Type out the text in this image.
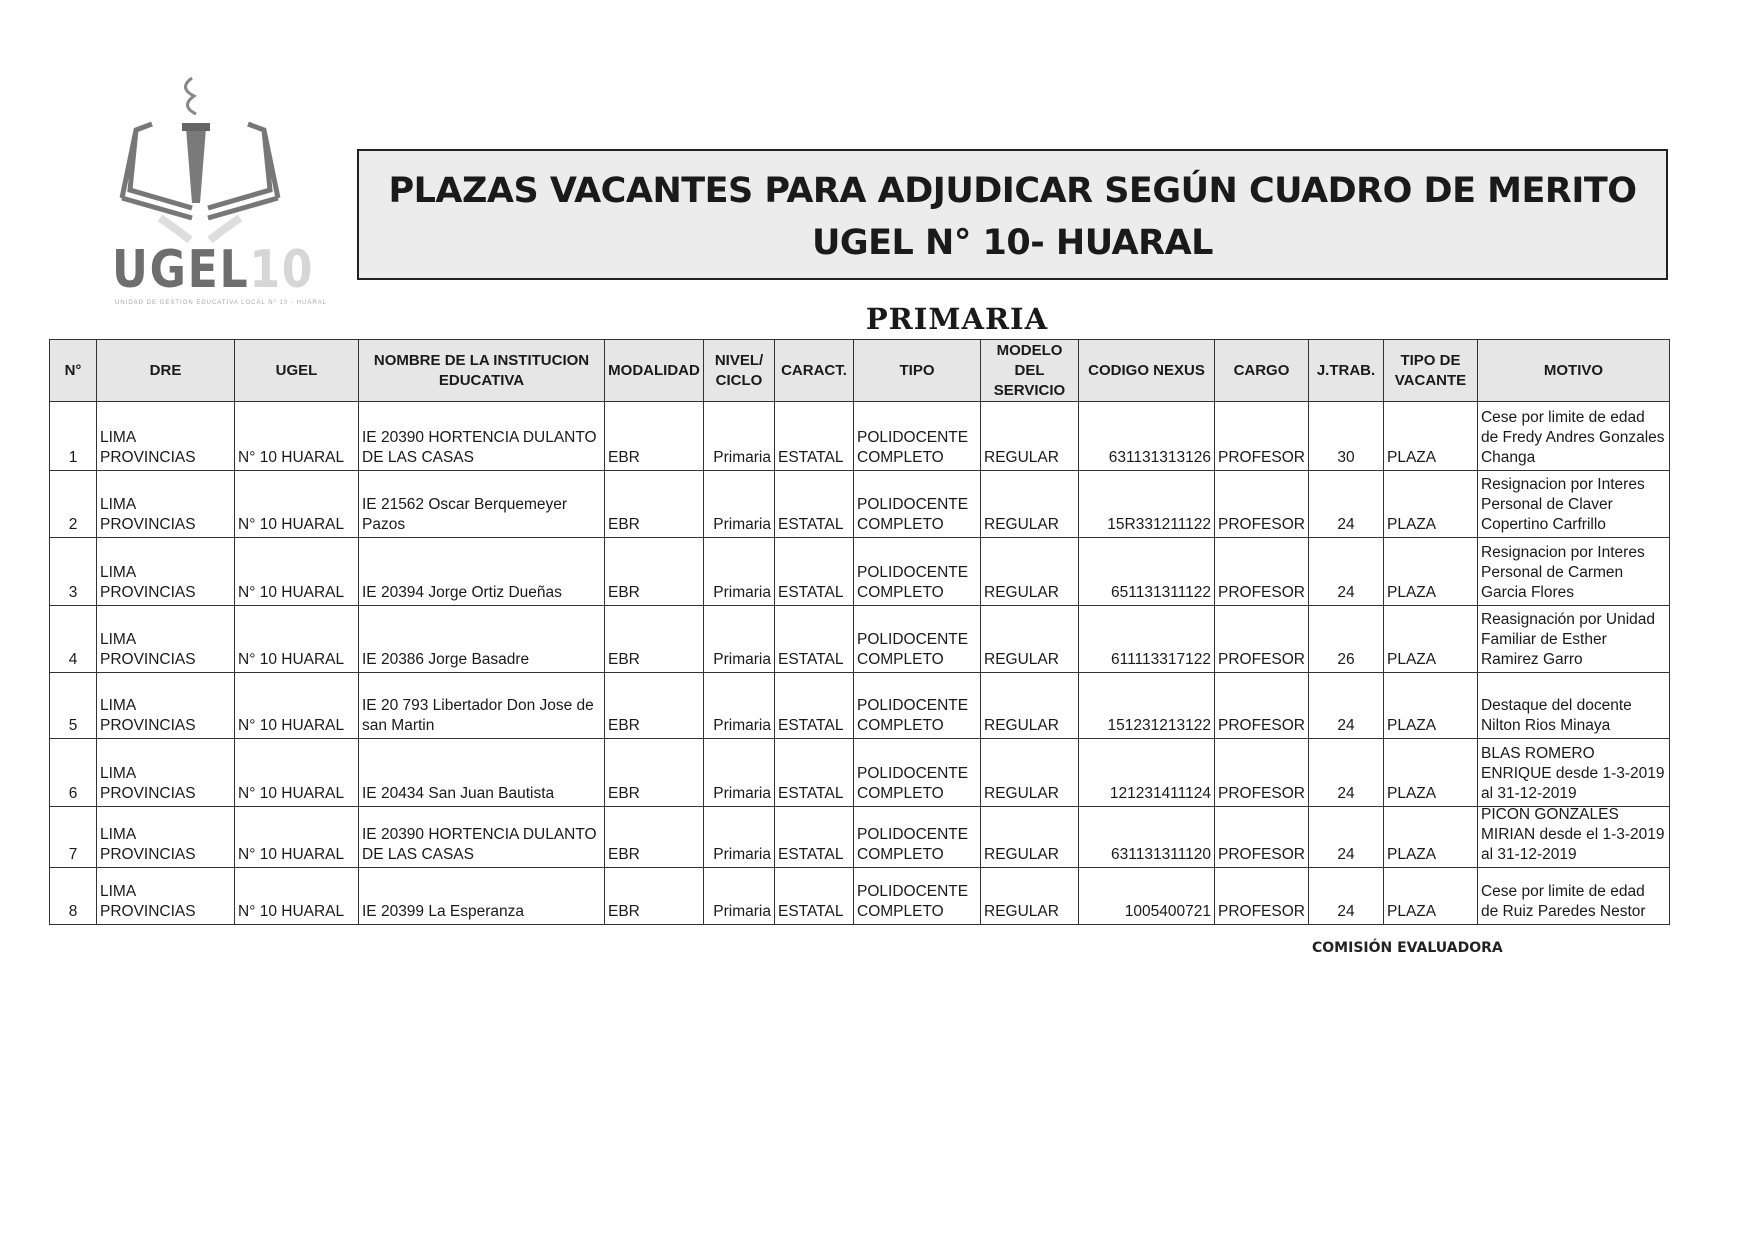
UGEL10
UNIDAD DE GESTION EDUCATIVA LOCAL N° 10 - HUARAL
PLAZAS VACANTES PARA ADJUDICAR SEGÚN CUADRO DE MERITO
UGEL N° 10- HUARAL
PRIMARIA
N°	DRE	UGEL	NOMBRE DE LA INSTITUCION EDUCATIVA	MODALIDAD	NIVEL/ CICLO	CARACT.	TIPO	MODELO DEL SERVICIO	CODIGO NEXUS	CARGO	J.TRAB.	TIPO DE VACANTE	MOTIVO

1	LIMA PROVINCIAS	N° 10 HUARAL	IE 20390 HORTENCIA DULANTO DE LAS CASAS	EBR	Primaria	ESTATAL	POLIDOCENTE COMPLETO	REGULAR	631131313126	PROFESOR	30	PLAZA	Cese por limite de edad de Fredy Andres Gonzales Changa

2	LIMA PROVINCIAS	N° 10 HUARAL	IE 21562 Oscar Berquemeyer Pazos	EBR	Primaria	ESTATAL	POLIDOCENTE COMPLETO	REGULAR	15R331211122	PROFESOR	24	PLAZA	Resignacion por Interes Personal de Claver Copertino Carfrillo

3	LIMA PROVINCIAS	N° 10 HUARAL	IE 20394 Jorge Ortiz Dueñas	EBR	Primaria	ESTATAL	POLIDOCENTE COMPLETO	REGULAR	651131311122	PROFESOR	24	PLAZA	Resignacion por Interes Personal de Carmen Garcia Flores

4	LIMA PROVINCIAS	N° 10 HUARAL	IE 20386 Jorge Basadre	EBR	Primaria	ESTATAL	POLIDOCENTE COMPLETO	REGULAR	611113317122	PROFESOR	26	PLAZA	Reasignación por Unidad Familiar de Esther Ramirez Garro

5	LIMA PROVINCIAS	N° 10 HUARAL	IE 20 793 Libertador Don Jose de san Martin	EBR	Primaria	ESTATAL	POLIDOCENTE COMPLETO	REGULAR	151231213122	PROFESOR	24	PLAZA	Destaque del docente Nilton Rios Minaya

6	LIMA PROVINCIAS	N° 10 HUARAL	IE 20434 San Juan Bautista	EBR	Primaria	ESTATAL	POLIDOCENTE COMPLETO	REGULAR	121231411124	PROFESOR	24	PLAZA	BLAS ROMERO ENRIQUE desde 1-3-2019 al 31-12-2019

7	LIMA PROVINCIAS	N° 10 HUARAL	IE 20390 HORTENCIA DULANTO DE LAS CASAS	EBR	Primaria	ESTATAL	POLIDOCENTE COMPLETO	REGULAR	631131311120	PROFESOR	24	PLAZA	PICON GONZALES MIRIAN desde el 1-3-2019 al 31-12-2019

8	LIMA PROVINCIAS	N° 10 HUARAL	IE 20399 La Esperanza	EBR	Primaria	ESTATAL	POLIDOCENTE COMPLETO	REGULAR	1005400721	PROFESOR	24	PLAZA	Cese por limite de edad de Ruiz Paredes Nestor
COMISIÓN EVALUADORA
